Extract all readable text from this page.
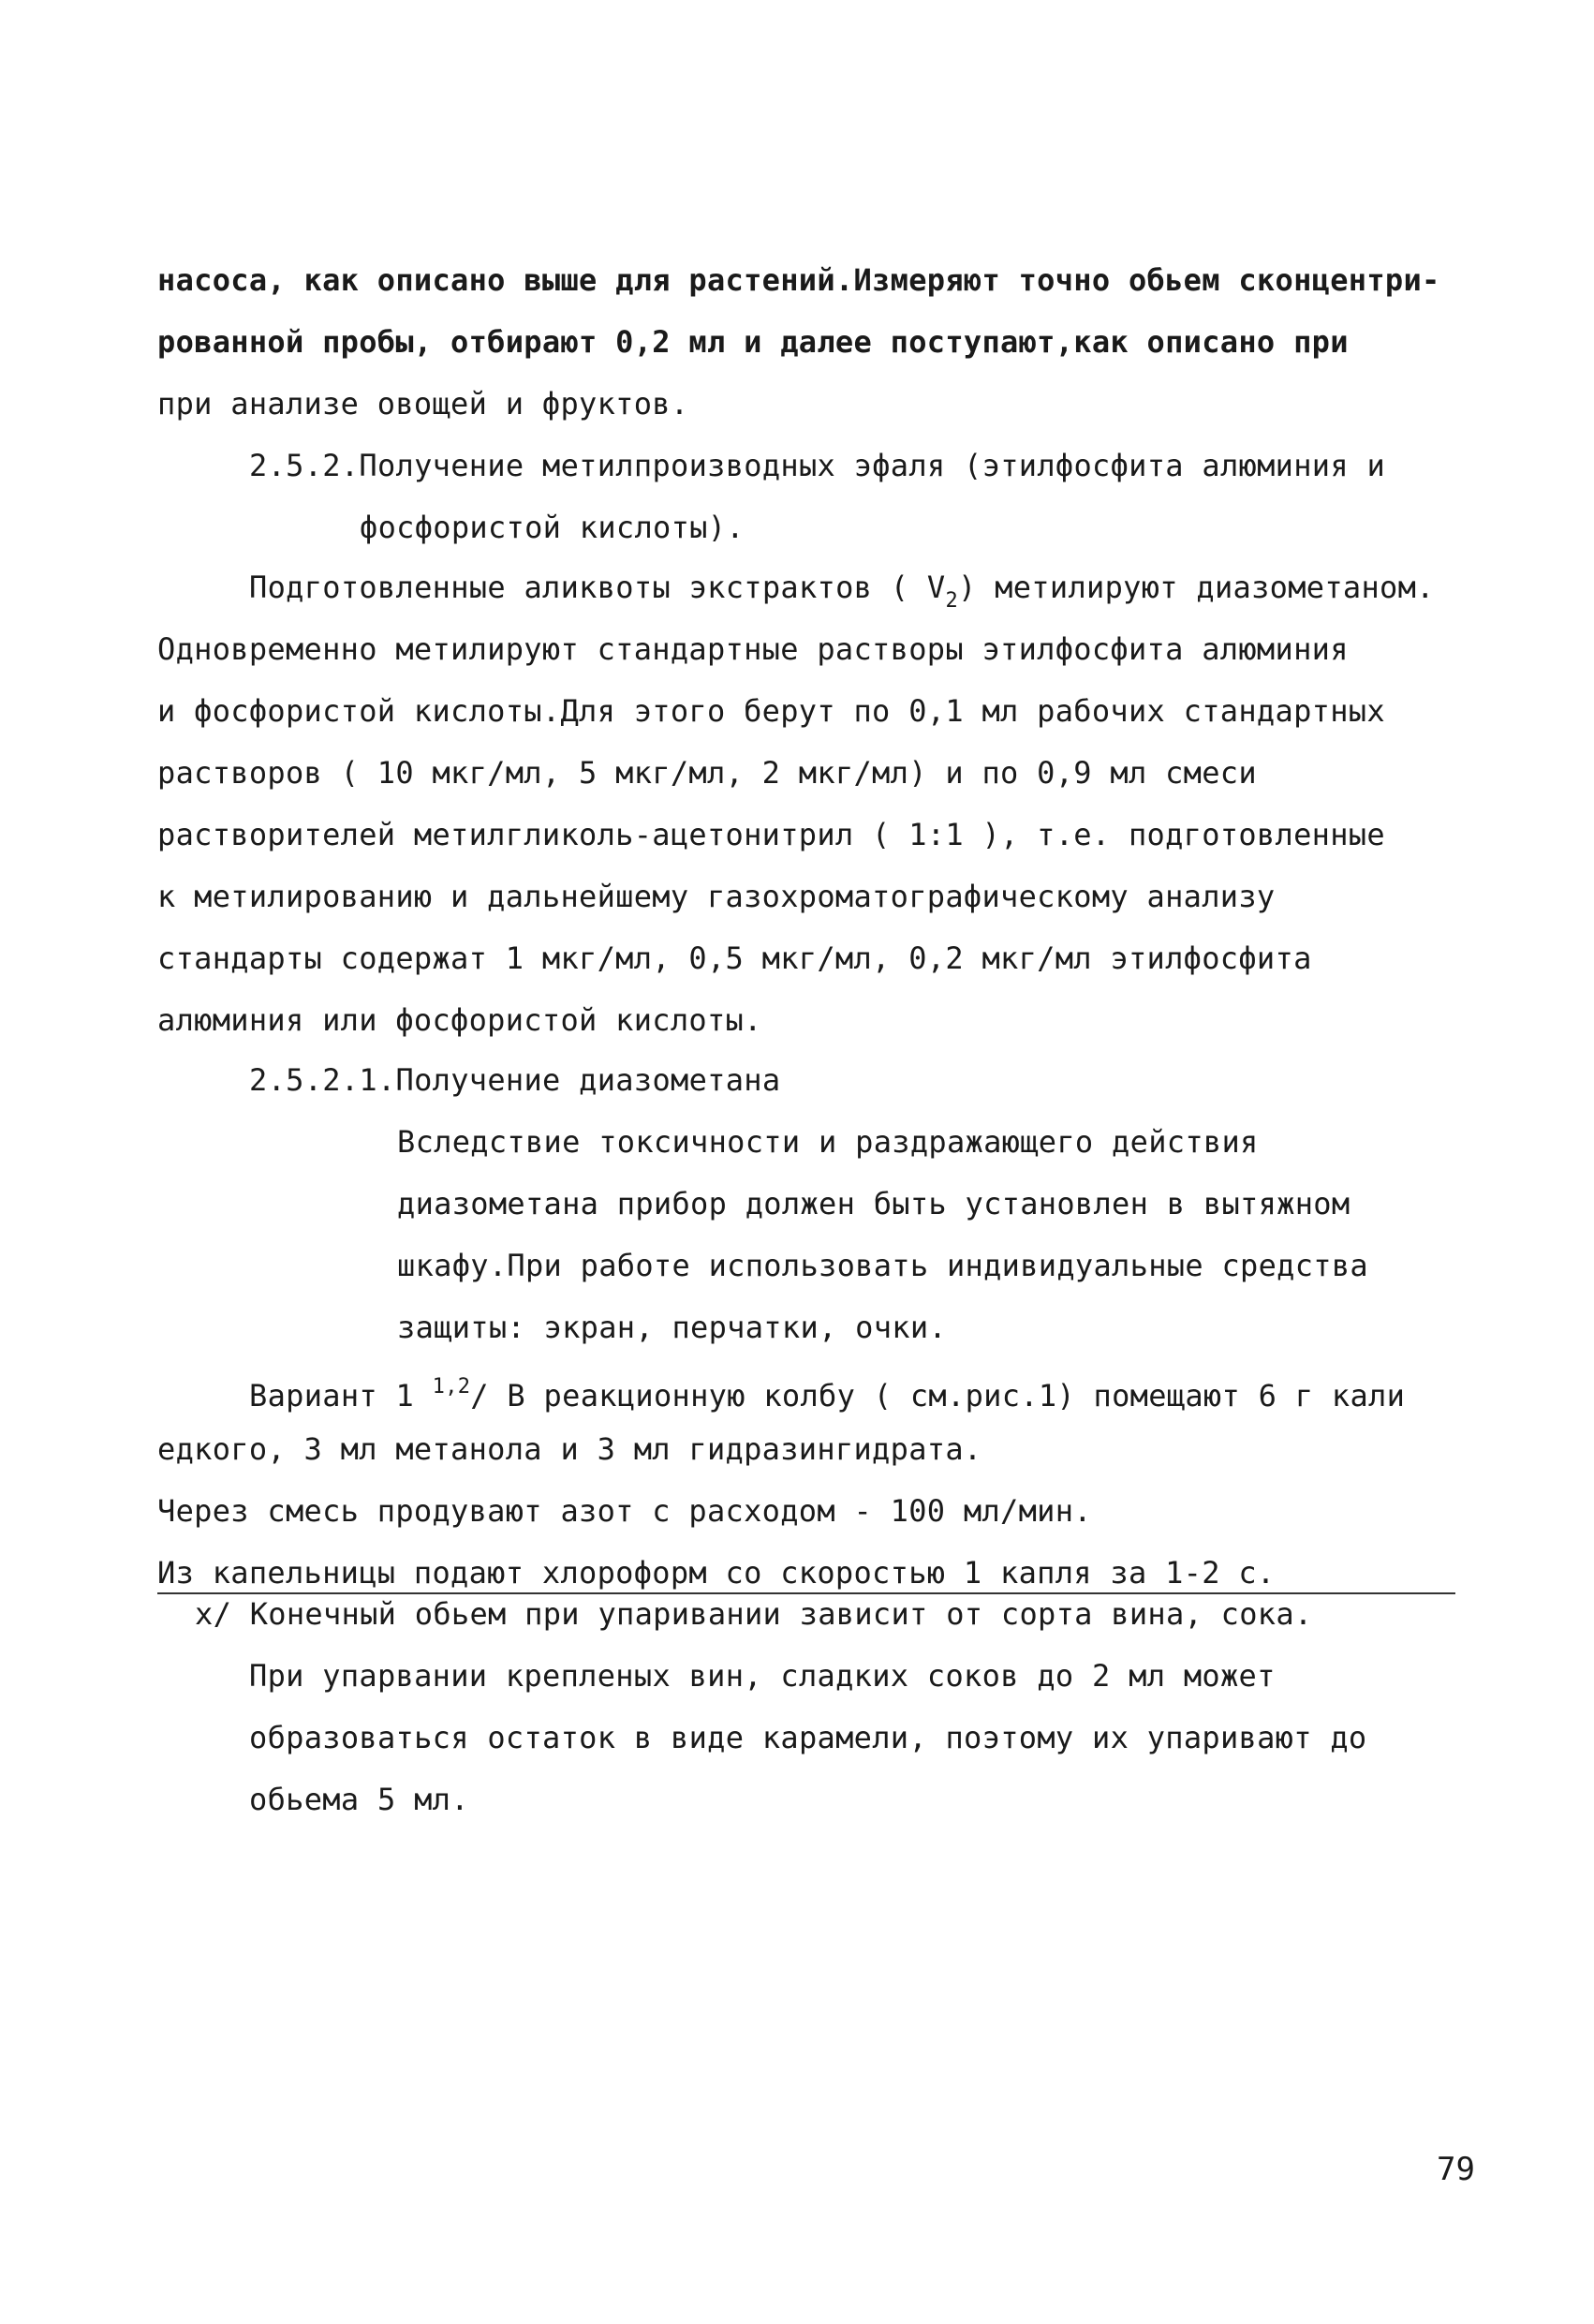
насоса, как описано выше для растений.Измеряют точно обьем сконцентри-
рованной пробы, отбирают 0,2 мл и далее поступают,как описано при
при анализе овощей и фруктов.
2.5.2.Получение метилпроизводных эфаля (этилфосфита алюминия и
фосфористой кислоты).
Подготовленные аликвоты экстрактов ( $V_2$) метилируют диазометаном.
Одновременно метилируют стандартные растворы этилфосфита алюминия
и фосфористой кислоты.Для этого берут по 0,1 мл рабочих стандартных
растворов ( 10 мкг/мл, 5 мкг/мл, 2 мкг/мл) и по 0,9 мл смеси
растворителей метилгликоль-ацетонитрил ( 1:1 ), т.е. подготовленные
к метилированию и дальнейшему газохроматографическому анализу
стандарты содержат 1 мкг/мл, 0,5 мкг/мл, 0,2 мкг/мл этилфосфита
алюминия или фосфористой кислоты.
2.5.2.1.Получение диазометана
Вследствие токсичности и раздражающего действия
диазометана прибор должен быть установлен в вытяжном
шкафу.При работе использовать индивидуальные средства
защиты: экран, перчатки, очки.
Вариант 1 $^{1,2}$/ В реакционную колбу ( см.рис.1) помещают 6 г кали
едкого, 3 мл метанола и 3 мл гидразингидрата.
Через смесь продувают азот с расходом - 100 мл/мин.
Из капельницы подают хлороформ со скоростью 1 капля за 1-2 с.
x/ Конечный обьем при упаривании зависит от сорта вина, сока.
При упарвании крепленых вин, сладких соков до 2 мл может
образоваться остаток в виде карамели, поэтому их упаривают до
обьема 5 мл.
79
